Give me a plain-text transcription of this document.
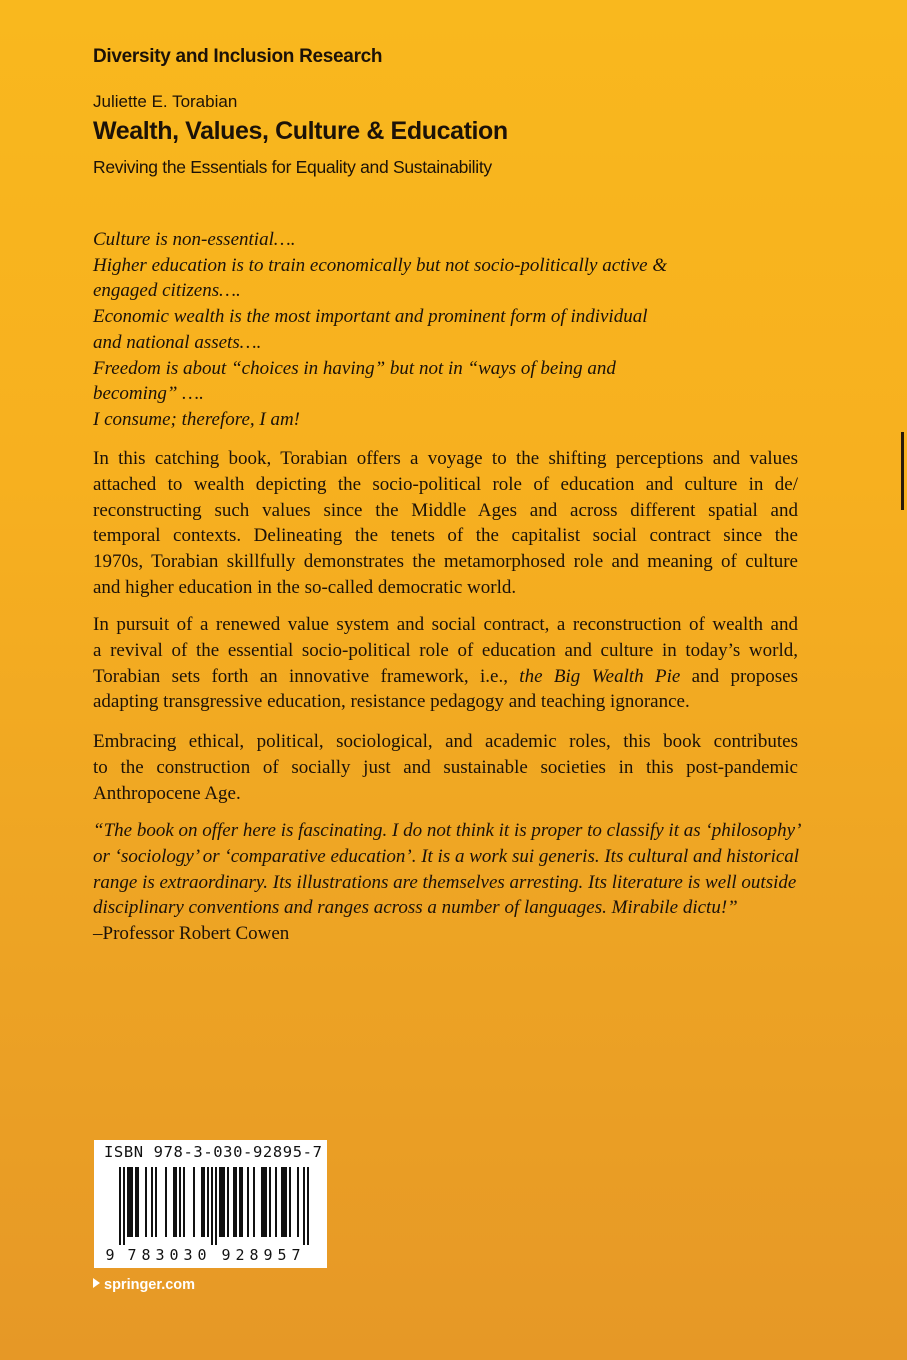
Diversity and Inclusion Research
Juliette E. Torabian
Wealth, Values, Culture & Education
Reviving the Essentials for Equality and Sustainability
Culture is non-essential….
Higher education is to train economically but not socio-politically active &
engaged citizens….
Economic wealth is the most important and prominent form of individual
and national assets….
Freedom is about “choices in having” but not in “ways of being and
becoming” ….
I consume; therefore, I am!
In this catching book, Torabian offers a voyage to the shifting perceptions and values
attached to wealth depicting the socio-political role of education and culture in de/
reconstructing such values since the Middle Ages and across different spatial and
temporal contexts. Delineating the tenets of the capitalist social contract since the
1970s, Torabian skillfully demonstrates the metamorphosed role and meaning of culture
and higher education in the so-called democratic world.
In pursuit of a renewed value system and social contract, a reconstruction of wealth and
a revival of the essential socio-political role of education and culture in today’s world,
Torabian sets forth an innovative framework, i.e., the Big Wealth Pie and proposes
adapting transgressive education, resistance pedagogy and teaching ignorance.
Embracing ethical, political, sociological, and academic roles, this book contributes
to the construction of socially just and sustainable societies in this post-pandemic
Anthropocene Age.
“The book on offer here is fascinating. I do not think it is proper to classify it as ‘philosophy’
or ‘sociology’ or ‘comparative education’. It is a work sui generis. Its cultural and historical
range is extraordinary. Its illustrations are themselves arresting. Its literature is well outside
disciplinary conventions and ranges across a number of languages. Mirabile dictu!”
–Professor Robert Cowen
ISBN 978-3-030-92895-7
9 7 8 3 0 3 0 9 2 8 9 5 7
springer.com
